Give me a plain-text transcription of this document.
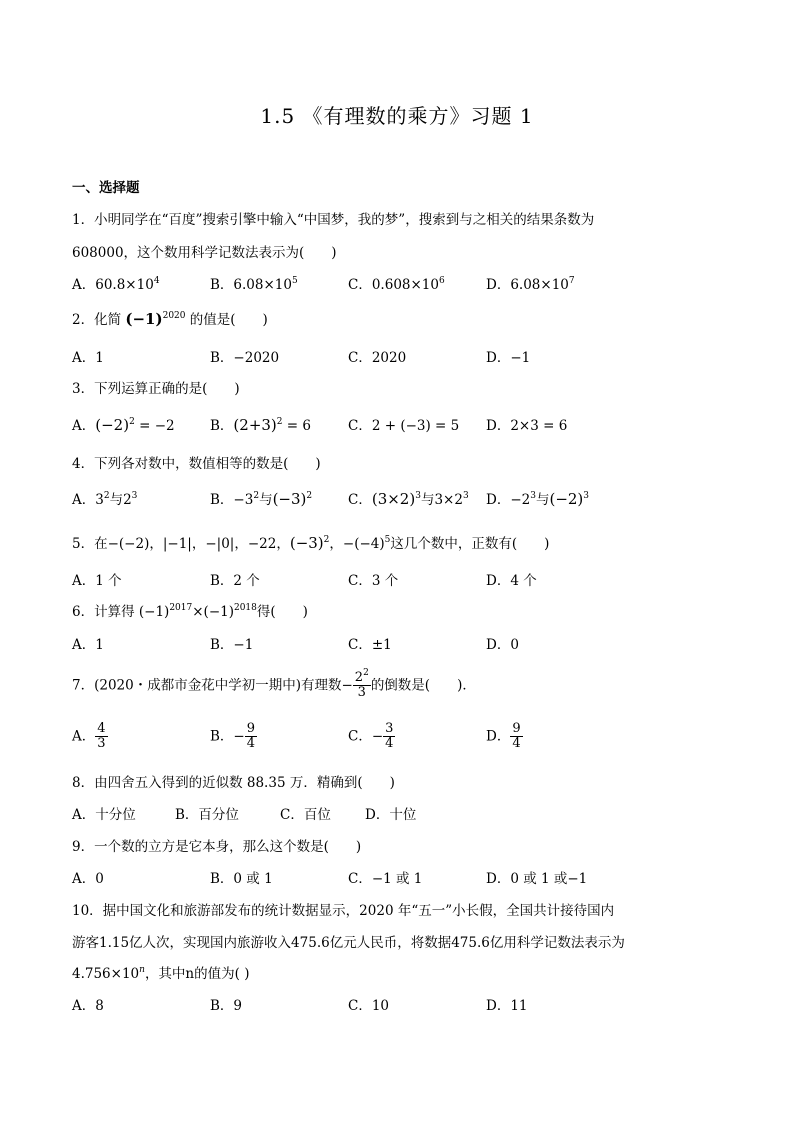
1.5 《有理数的乘方》习题 1
一、选择题
1．小明同学在“百度”搜索引擎中输入“中国梦，我的梦”，搜索到与之相关的结果条数为
608000，这个数用科学记数法表示为(　　)
A．$60.8\times 10^4$	B．$6.08\times 10^5$	C．$0.608\times 10^6$	D．$6.08\times 10^7$
2．化简 $(-1)^{2020}$ 的值是(　　)
A．1	B．−2020	C．2020	D．−1
3．下列运算正确的是(　　)
A．$(-2)^2 = -2$	B．$(2+3)^2 = 6$	C．2 + (−3) = 5 D．2×3 = 6
4．下列各对数中，数值相等的数是(　　)
A．$3^2$与$2^3$	B．$-3^2$与$(-3)^2$	C．$(3\times 2)^3$与$3\times 2^3$ D．$-2^3$与$(-2)^3$
5．在−(−2)，|−1|，−|0|，−22，$(-3)^2$，$-(-4)^5$这几个数中，正数有(　　)
A．1 个	B．2 个	C．3 个	D．4 个
6．计算得 $(-1)^{2017}\times(-1)^{2018}$得(　　)
A．1	B．−1	C．±1	D．0
7．(2020・成都市金花中学初一期中)有理数− $\frac{2^2}{3}$ 的倒数是(　　)．
A． $\frac{4}{3}$	B．− $\frac{9}{4}$	C．− $\frac{3}{4}$	D． $\frac{9}{4}$
8．由四舍五入得到的近似数 88.35 万．精确到(　　)
A．十分位	B．百分位	C．百位	D．十位
9．一个数的立方是它本身，那么这个数是(　　)
A．0	B．0 或 1	C．−1 或 1	D．0 或 1 或−1
10．据中国文化和旅游部发布的统计数据显示，2020 年“五一”小长假，全国共计接待国内
游客1.15亿人次，实现国内旅游收入475.6亿元人民币，将数据475.6亿用科学记数法表示为
$4.756\times 10^n$，其中n的值为( )
A．8	B．9	C．10	D．11
